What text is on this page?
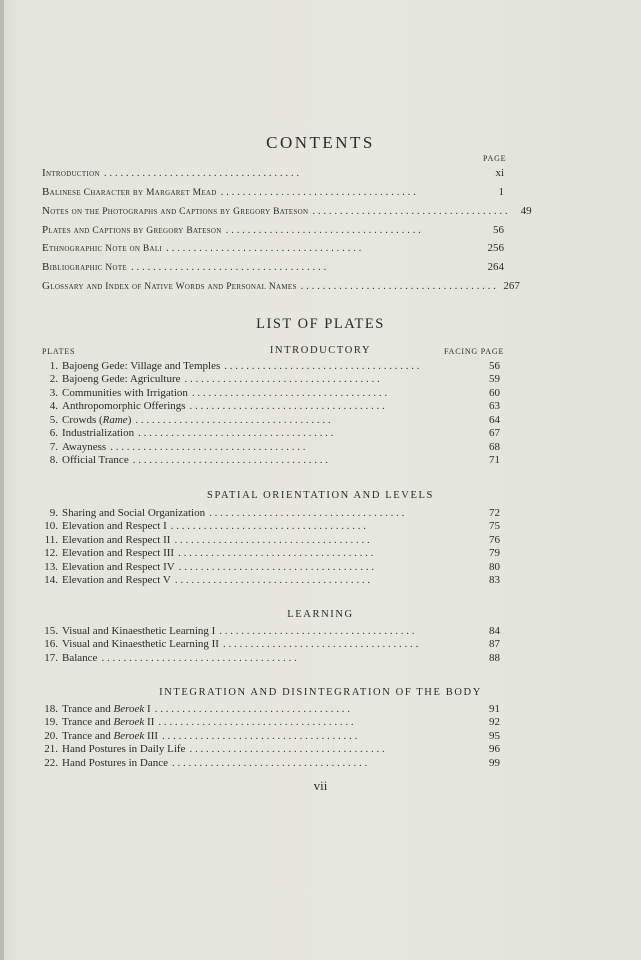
CONTENTS
PAGE
Introduction . . . . . . . . . . . . . . . . . . . . . . . . . . . . . . . . . . . .	xi
Balinese Character by Margaret Mead . . . . . . . . . . . . . . . . . . . . . . . . . . . . . . . . . . . .	1
Notes on the Photographs and Captions by Gregory Bateson . . . . . . . . . . . . . . . . . . . . . . . . . . . . . . . . . . . .	49
Plates and Captions by Gregory Bateson . . . . . . . . . . . . . . . . . . . . . . . . . . . . . . . . . . . .	56
Ethnographic Note on Bali . . . . . . . . . . . . . . . . . . . . . . . . . . . . . . . . . . . .	256
Bibliographic Note . . . . . . . . . . . . . . . . . . . . . . . . . . . . . . . . . . . .	264
Glossary and Index of Native Words and Personal Names . . . . . . . . . . . . . . . . . . . . . . . . . . . . . . . . . . . . 267
LIST OF PLATES
PLATES	FACING PAGE
INTRODUCTORY
1. Bajoeng Gede: Village and Temples . . . . . . . . . . . . . . . . . . . . . . . . . . . . . . . . . . . .	56
2. Bajoeng Gede: Agriculture . . . . . . . . . . . . . . . . . . . . . . . . . . . . . . . . . . . .	59
3. Communities with Irrigation . . . . . . . . . . . . . . . . . . . . . . . . . . . . . . . . . . . .	60
4. Anthropomorphic Offerings . . . . . . . . . . . . . . . . . . . . . . . . . . . . . . . . . . . .	63
5. Crowds (Rame) . . . . . . . . . . . . . . . . . . . . . . . . . . . . . . . . . . . .	64
6. Industrialization . . . . . . . . . . . . . . . . . . . . . . . . . . . . . . . . . . . .	67
7. Awayness . . . . . . . . . . . . . . . . . . . . . . . . . . . . . . . . . . . .	68
8. Official Trance . . . . . . . . . . . . . . . . . . . . . . . . . . . . . . . . . . . .	71
SPATIAL ORIENTATION AND LEVELS
9. Sharing and Social Organization . . . . . . . . . . . . . . . . . . . . . . . . . . . . . . . . . . . .	72
10. Elevation and Respect I . . . . . . . . . . . . . . . . . . . . . . . . . . . . . . . . . . . .	75
11. Elevation and Respect II . . . . . . . . . . . . . . . . . . . . . . . . . . . . . . . . . . . .	76
12. Elevation and Respect III . . . . . . . . . . . . . . . . . . . . . . . . . . . . . . . . . . . .	79
13. Elevation and Respect IV . . . . . . . . . . . . . . . . . . . . . . . . . . . . . . . . . . . .	80
14. Elevation and Respect V . . . . . . . . . . . . . . . . . . . . . . . . . . . . . . . . . . . .	83
LEARNING
15. Visual and Kinaesthetic Learning I . . . . . . . . . . . . . . . . . . . . . . . . . . . . . . . . . . . .	84
16. Visual and Kinaesthetic Learning II . . . . . . . . . . . . . . . . . . . . . . . . . . . . . . . . . . . .	87
17. Balance . . . . . . . . . . . . . . . . . . . . . . . . . . . . . . . . . . . .	88
INTEGRATION AND DISINTEGRATION OF THE BODY
18. Trance and Beroek I . . . . . . . . . . . . . . . . . . . . . . . . . . . . . . . . . . . .	91
19. Trance and Beroek II . . . . . . . . . . . . . . . . . . . . . . . . . . . . . . . . . . . .	92
20. Trance and Beroek III . . . . . . . . . . . . . . . . . . . . . . . . . . . . . . . . . . . .	95
21. Hand Postures in Daily Life . . . . . . . . . . . . . . . . . . . . . . . . . . . . . . . . . . . .	96
22. Hand Postures in Dance . . . . . . . . . . . . . . . . . . . . . . . . . . . . . . . . . . . .	99
vii
